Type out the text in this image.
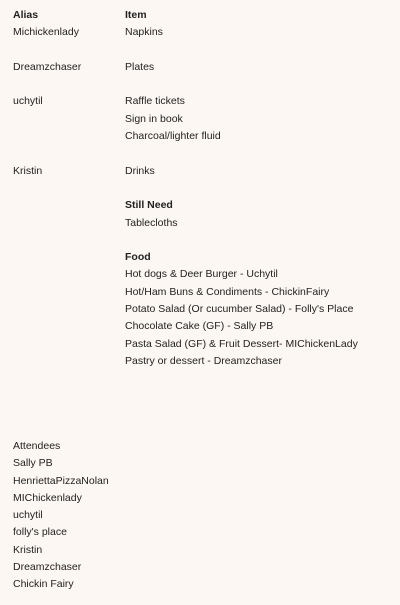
Alias
Michickenlady
Dreamzchaser
uchytil
Kristin
Item
Napkins
Plates
Raffle tickets
Sign in book
Charcoal/lighter fluid
Drinks
Still Need
Tablecloths
Food
Hot dogs & Deer Burger - Uchytil
Hot/Ham Buns & Condiments - ChickinFairy
Potato Salad (Or cucumber Salad) - Folly's Place
Chocolate Cake (GF) - Sally PB
Pasta Salad (GF) & Fruit Dessert- MIChickenLady
Pastry or dessert - Dreamzchaser
Attendees
Sally PB
HenriettaPizzaNolan
MIChickenlady
uchytil
folly's place
Kristin
Dreamzchaser
Chickin Fairy
